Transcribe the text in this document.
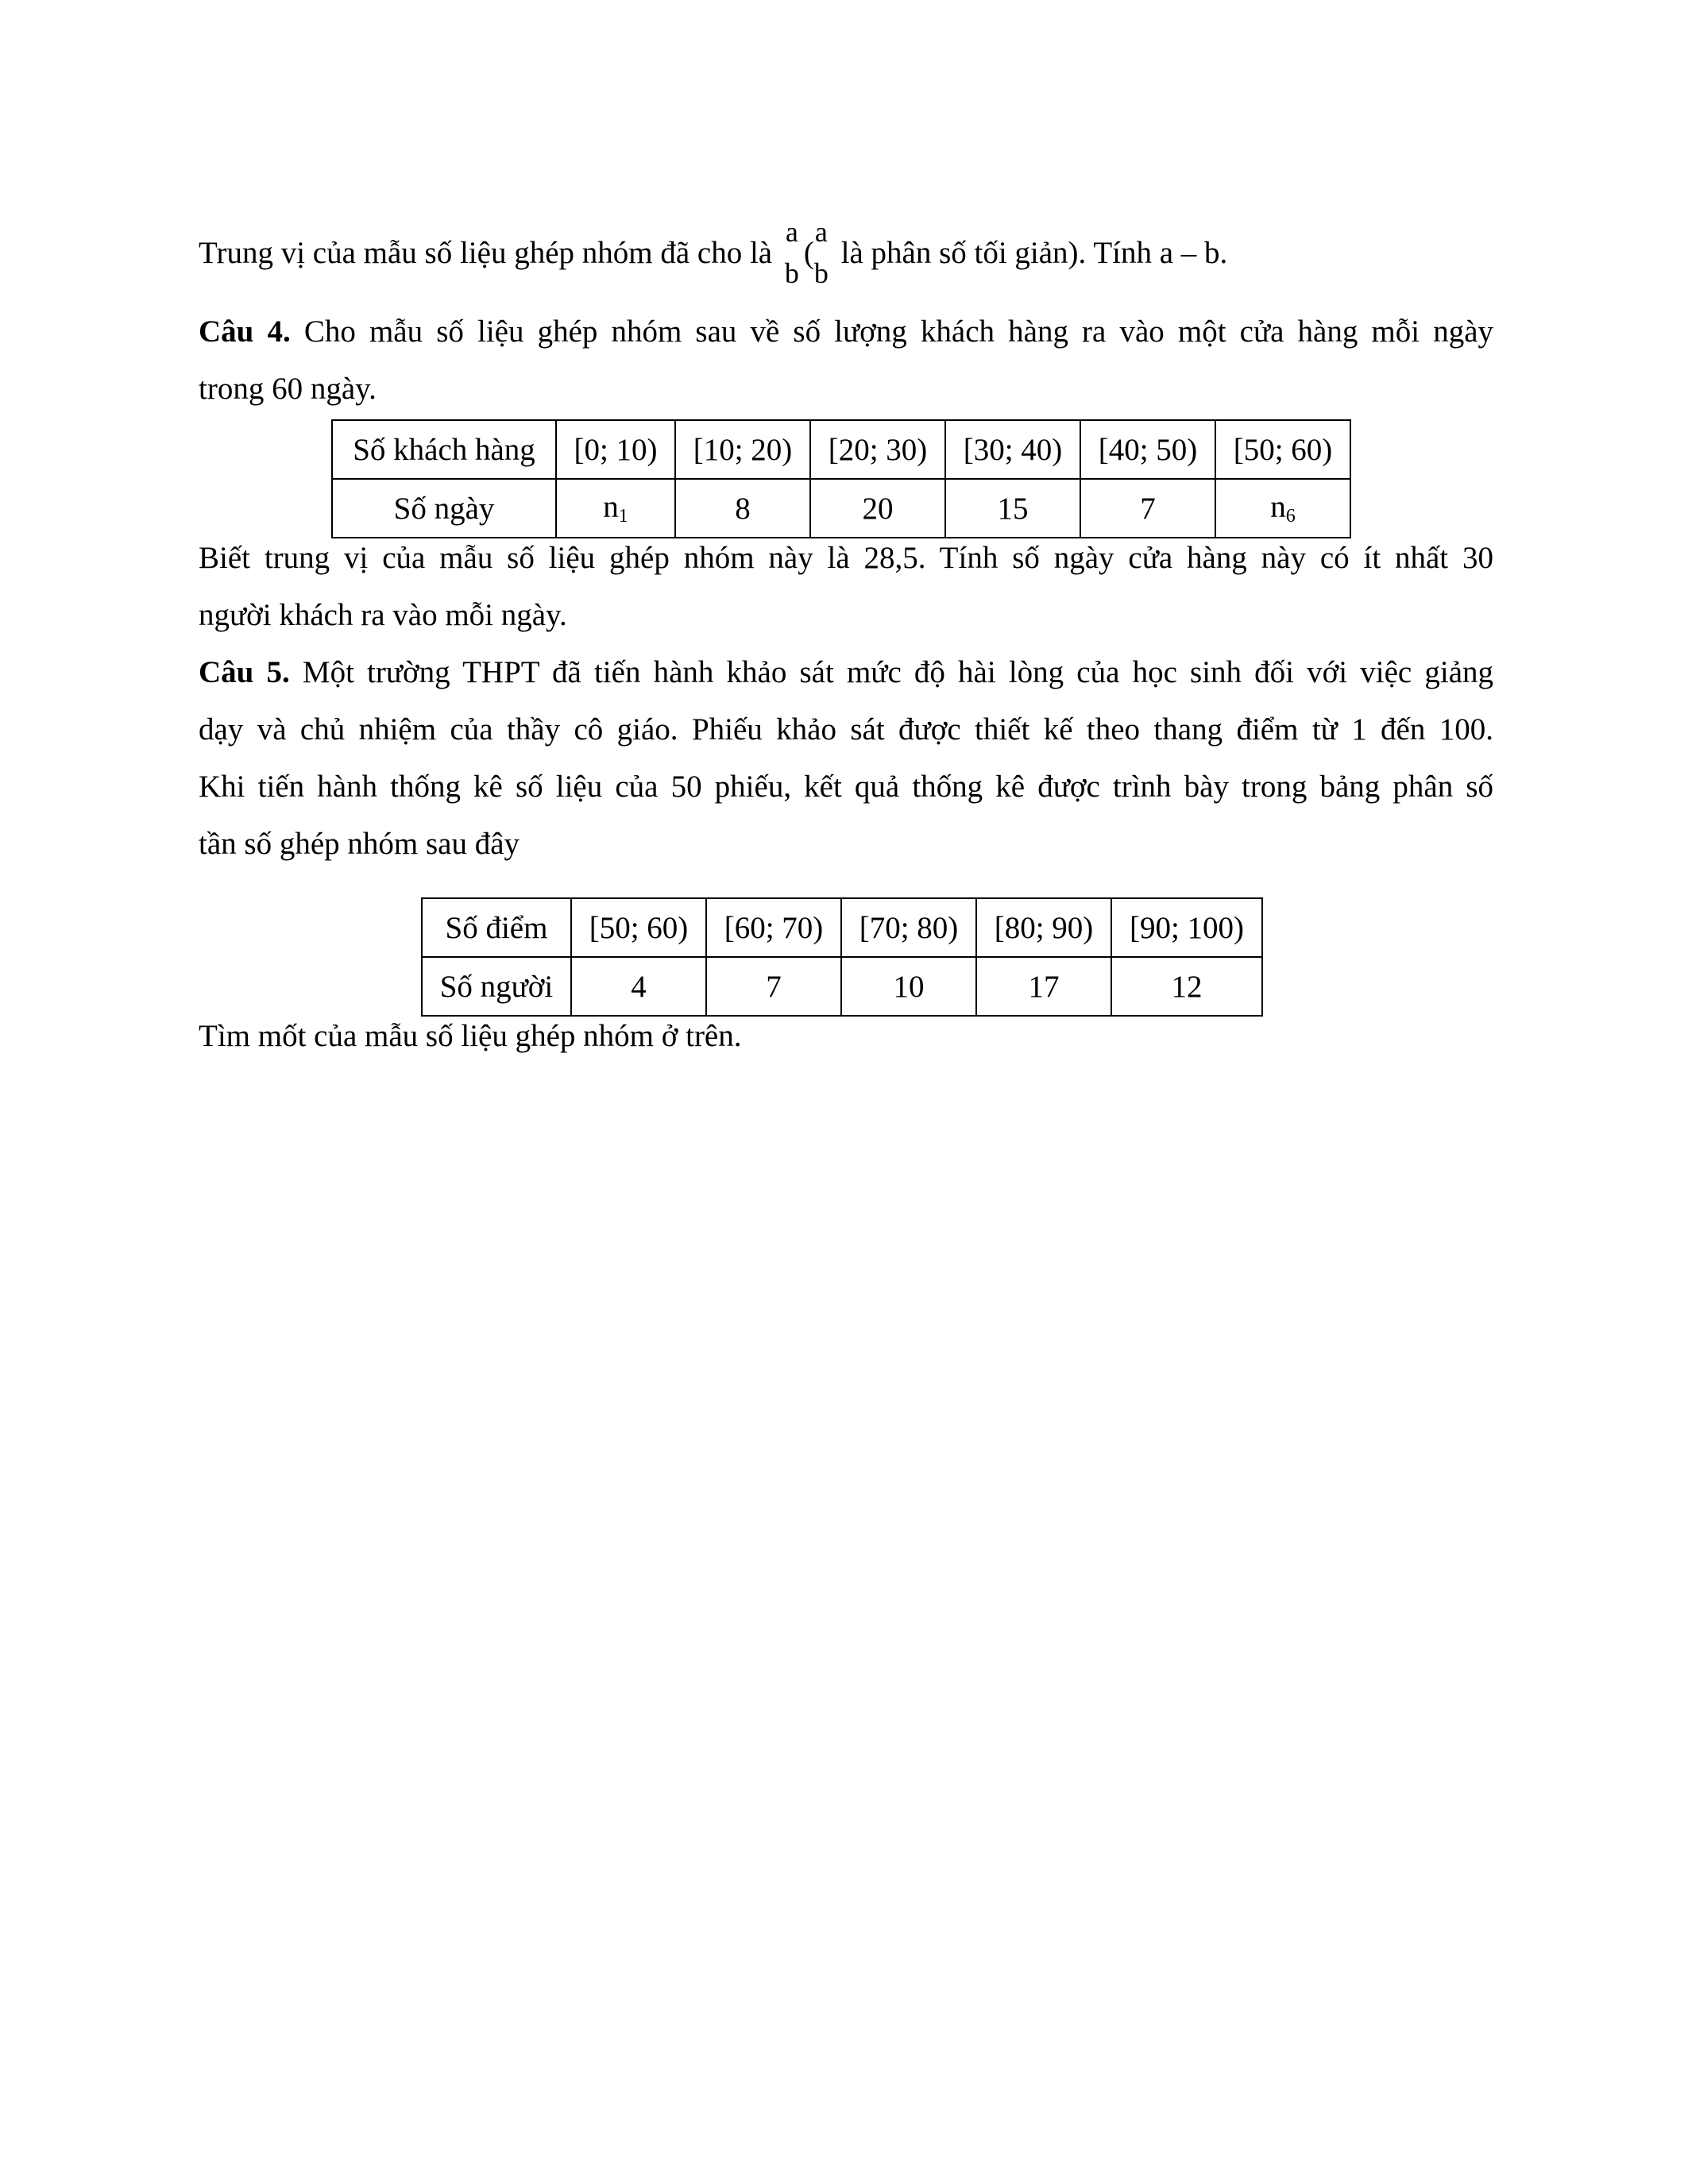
Trung vị của mẫu số liệu ghép nhóm đã cho là
a
b
(
a
b
là phân số tối giản). Tính a – b.
Câu 4. Cho mẫu số liệu ghép nhóm sau về số lượng khách hàng ra vào một cửa hàng mỗi ngày
trong 60 ngày.
Số khách hàng	[0; 10)	[10; 20)	[20; 30)	[30; 40)	[40; 50)	[50; 60)
Số ngày	$n_1$	8	20	15	7	$n_6$
Biết trung vị của mẫu số liệu ghép nhóm này là 28,5. Tính số ngày cửa hàng này có ít nhất 30
người khách ra vào mỗi ngày.
Câu 5. Một trường THPT đã tiến hành khảo sát mức độ hài lòng của học sinh đối với việc giảng
dạy và chủ nhiệm của thầy cô giáo. Phiếu khảo sát được thiết kế theo thang điểm từ 1 đến 100.
Khi tiến hành thống kê số liệu của 50 phiếu, kết quả thống kê được trình bày trong bảng phân số
tần số ghép nhóm sau đây
Số điểm	[50; 60)	[60; 70)	[70; 80)	[80; 90)	[90; 100)
Số người	4	7	10	17	12
Tìm mốt của mẫu số liệu ghép nhóm ở trên.
